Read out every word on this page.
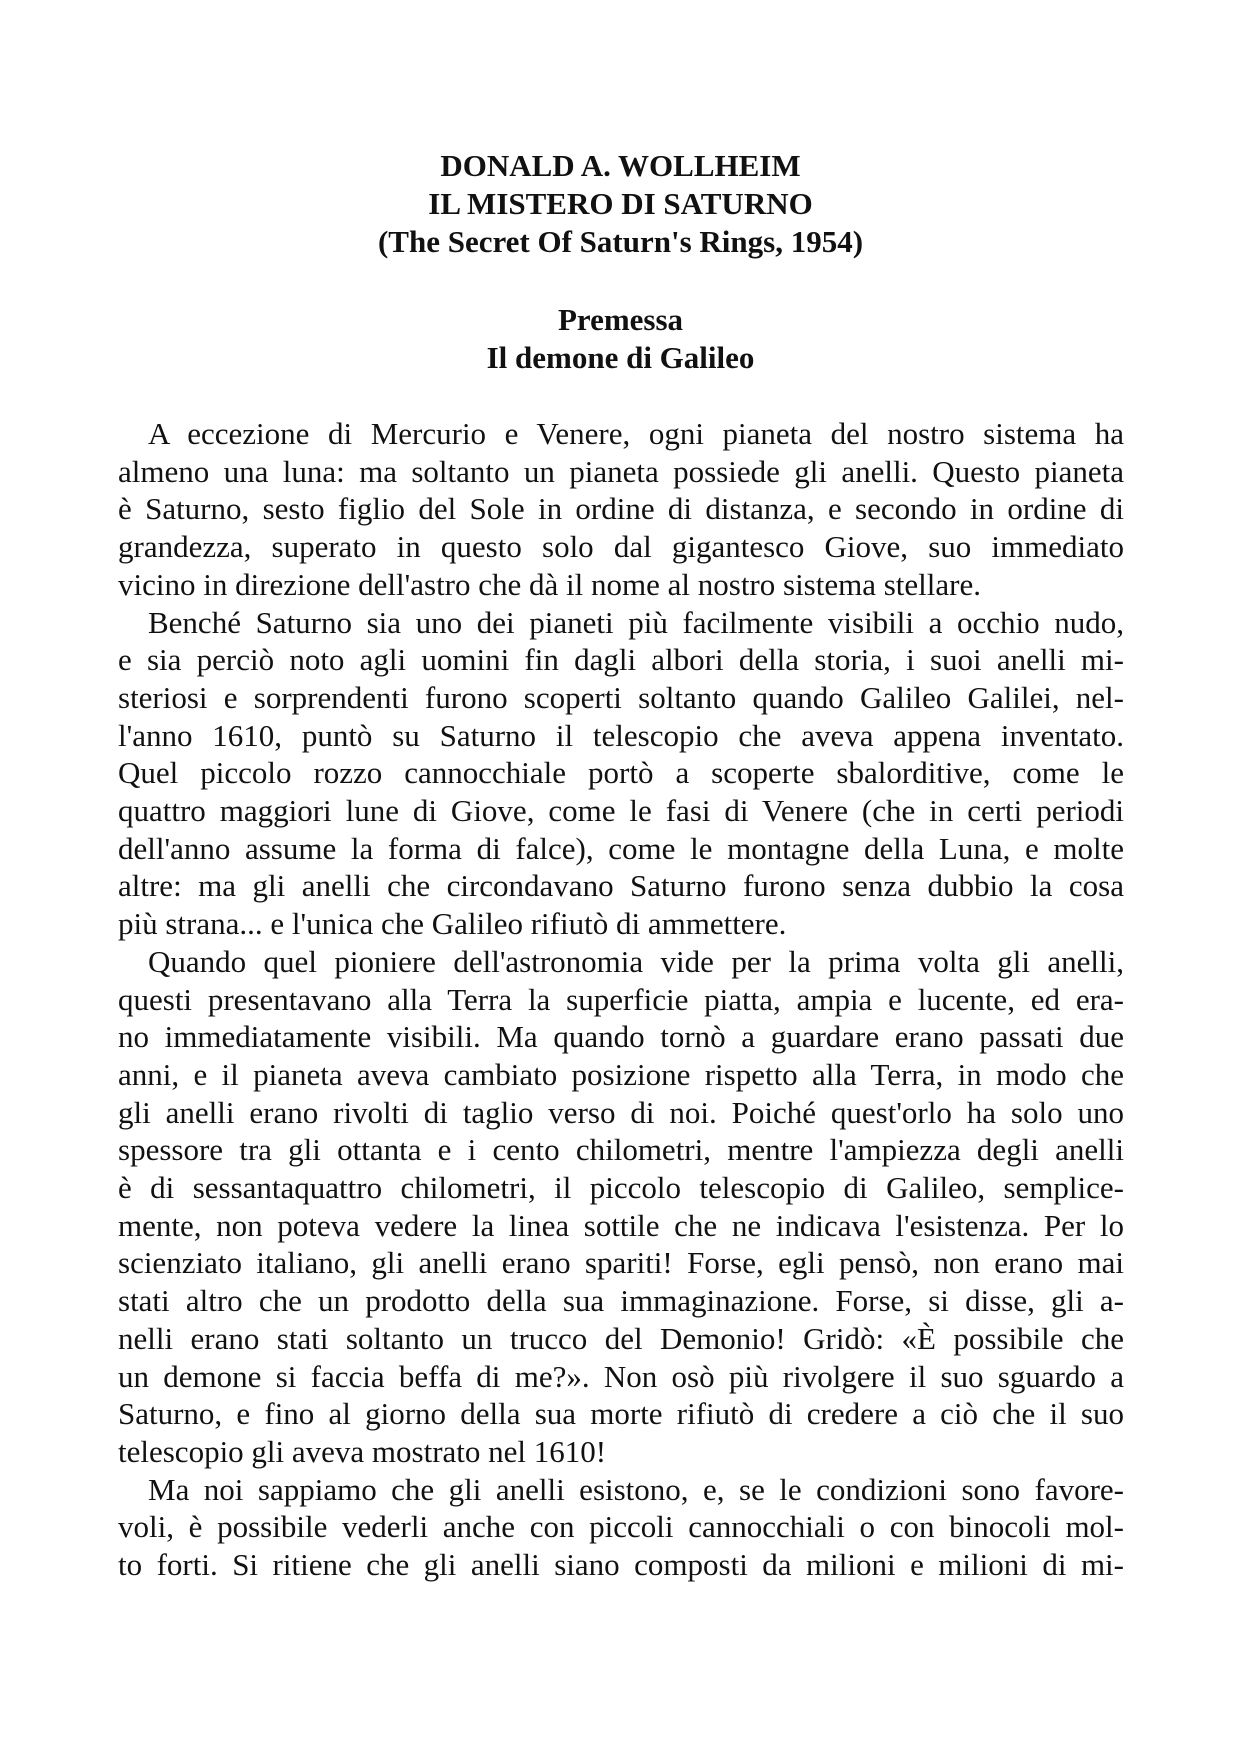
DONALD A. WOLLHEIM
IL MISTERO DI SATURNO
(The Secret Of Saturn's Rings, 1954)
Premessa
Il demone di Galileo
A eccezione di Mercurio e Venere, ogni pianeta del nostro sistema ha
almeno una luna: ma soltanto un pianeta possiede gli anelli. Questo pianeta
è Saturno, sesto figlio del Sole in ordine di distanza, e secondo in ordine di
grandezza, superato in questo solo dal gigantesco Giove, suo immediato
vicino in direzione dell'astro che dà il nome al nostro sistema stellare.
Benché Saturno sia uno dei pianeti più facilmente visibili a occhio nudo,
e sia perciò noto agli uomini fin dagli albori della storia, i suoi anelli mi-
steriosi e sorprendenti furono scoperti soltanto quando Galileo Galilei, nel-
l'anno 1610, puntò su Saturno il telescopio che aveva appena inventato.
Quel piccolo rozzo cannocchiale portò a scoperte sbalorditive, come le
quattro maggiori lune di Giove, come le fasi di Venere (che in certi periodi
dell'anno assume la forma di falce), come le montagne della Luna, e molte
altre: ma gli anelli che circondavano Saturno furono senza dubbio la cosa
più strana... e l'unica che Galileo rifiutò di ammettere.
Quando quel pioniere dell'astronomia vide per la prima volta gli anelli,
questi presentavano alla Terra la superficie piatta, ampia e lucente, ed era-
no immediatamente visibili. Ma quando tornò a guardare erano passati due
anni, e il pianeta aveva cambiato posizione rispetto alla Terra, in modo che
gli anelli erano rivolti di taglio verso di noi. Poiché quest'orlo ha solo uno
spessore tra gli ottanta e i cento chilometri, mentre l'ampiezza degli anelli
è di sessantaquattro chilometri, il piccolo telescopio di Galileo, semplice-
mente, non poteva vedere la linea sottile che ne indicava l'esistenza. Per lo
scienziato italiano, gli anelli erano spariti! Forse, egli pensò, non erano mai
stati altro che un prodotto della sua immaginazione. Forse, si disse, gli a-
nelli erano stati soltanto un trucco del Demonio! Gridò: «È possibile che
un demone si faccia beffa di me?». Non osò più rivolgere il suo sguardo a
Saturno, e fino al giorno della sua morte rifiutò di credere a ciò che il suo
telescopio gli aveva mostrato nel 1610!
Ma noi sappiamo che gli anelli esistono, e, se le condizioni sono favore-
voli, è possibile vederli anche con piccoli cannocchiali o con binocoli mol-
to forti. Si ritiene che gli anelli siano composti da milioni e milioni di mi-
